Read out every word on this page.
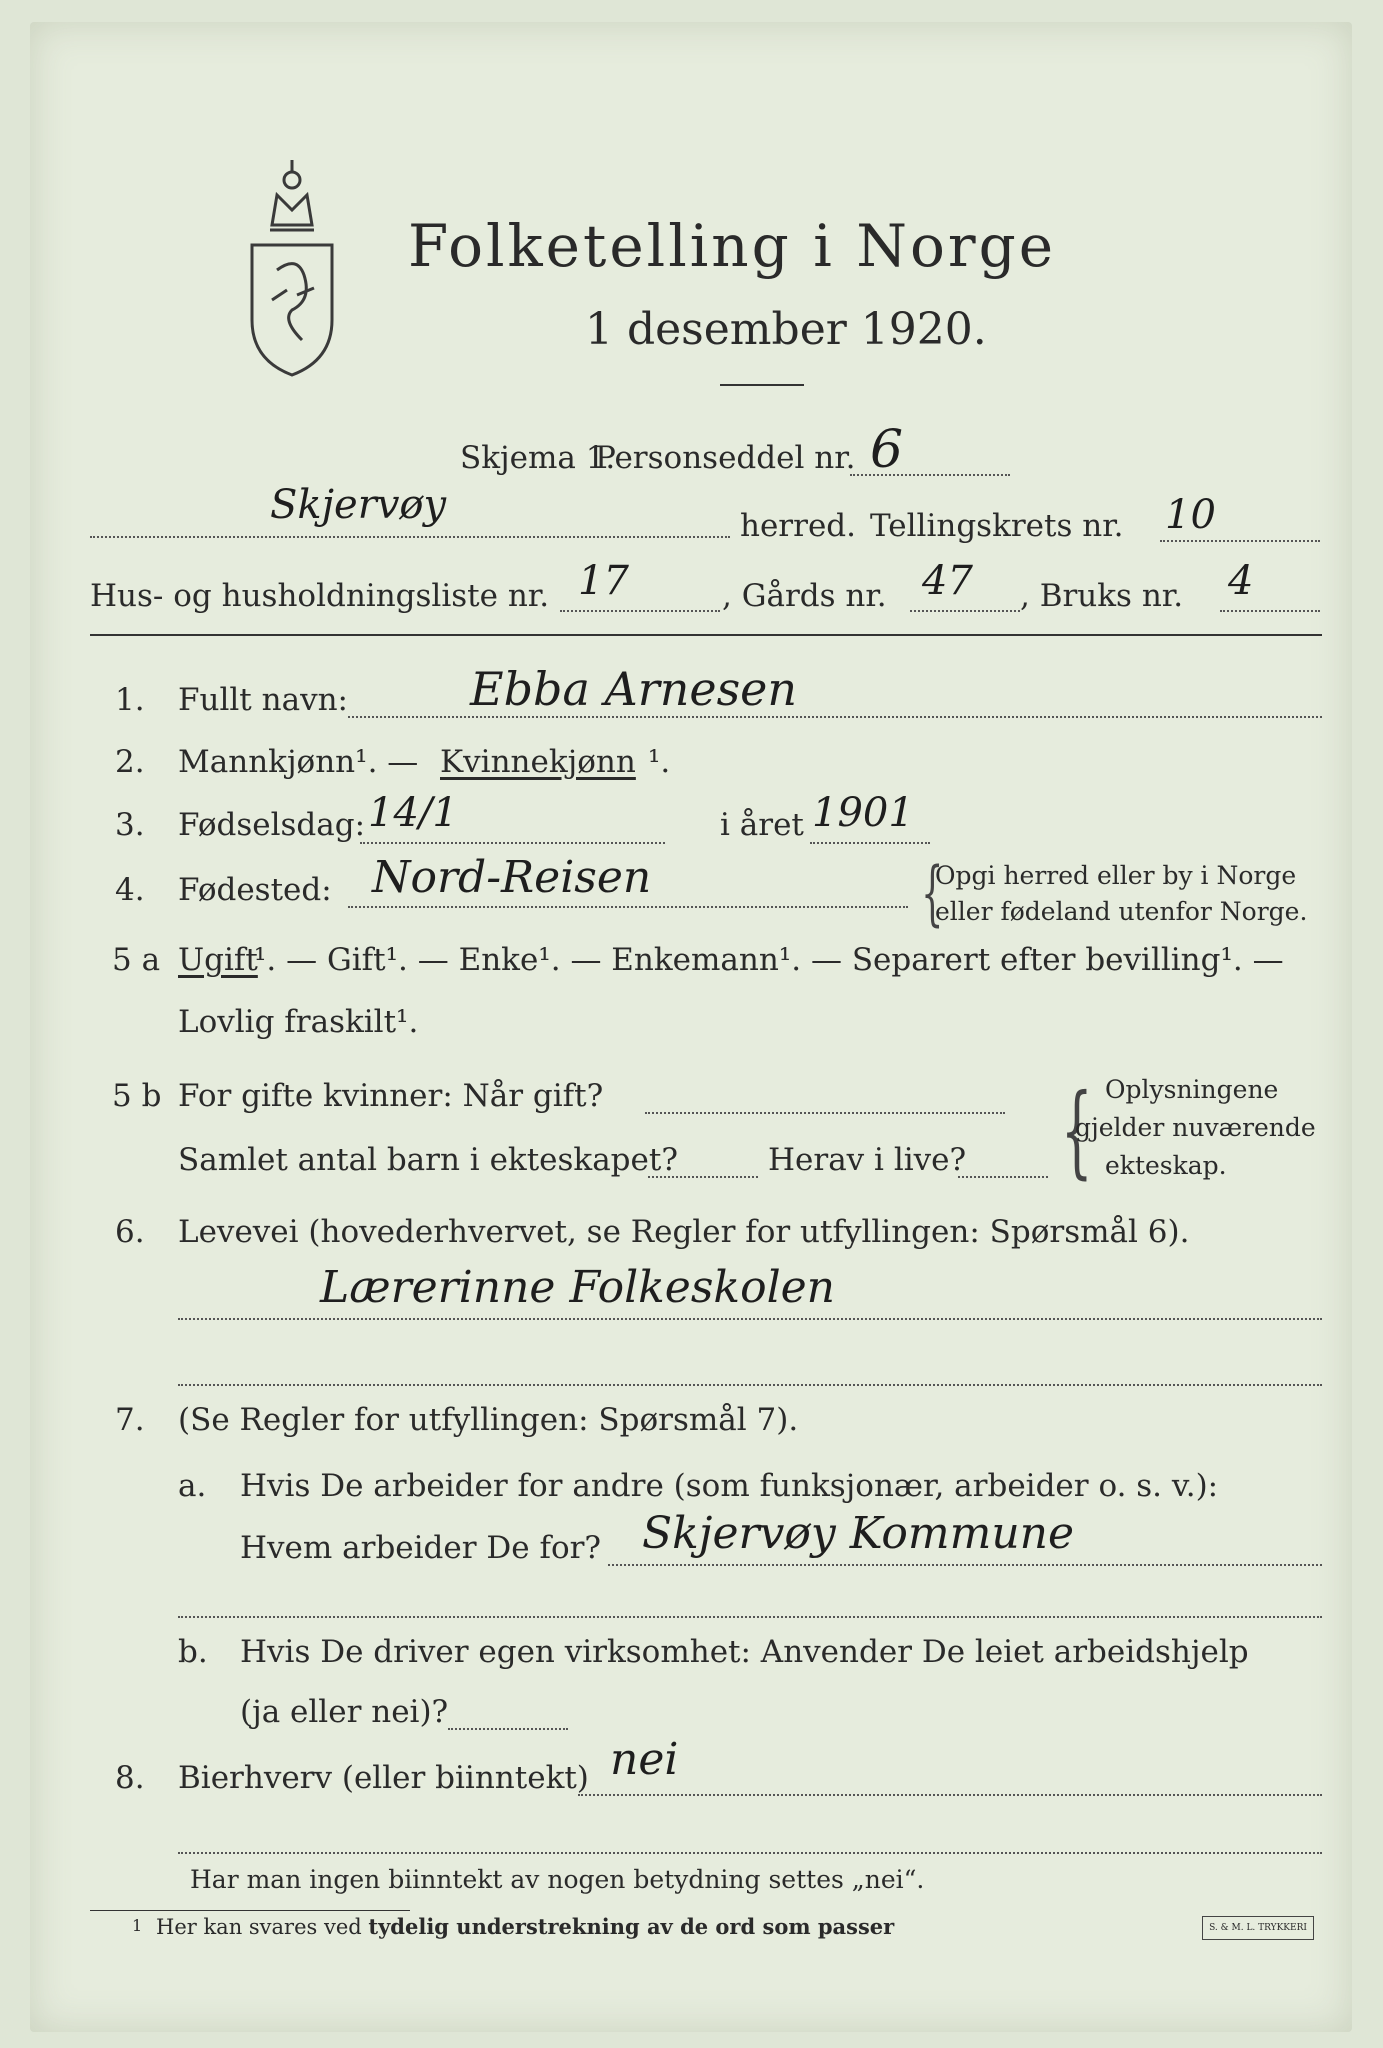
Folketelling i Norge
1 desember 1920.
Skjema 1.
Personseddel nr. 6
Skjervøy	herred. Tellingskrets nr. 10
Hus- og husholdningsliste nr. 17	, Gårds nr. 47 , Bruks nr. 4
1. Fullt navn:	Ebba Arnesen
2. Mannkjønn¹. — Kvinnekjønn ¹.
3. Fødselsdag: 14/1	i året 1901
4. Fødested: Nord-Reisen	{
Opgi herred eller by i Norge
eller fødeland utenfor Norge.
5 a Ugift
¹. — Gift¹. — Enke¹. — Enkemann¹. — Separert efter bevilling¹. —
Lovlig fraskilt¹.
5 b For gifte kvinner: Når gift?
Samlet antal barn i ekteskapet?	Herav i live? { Oplysningene
gjelder nuværende
ekteskap.
6. Levevei (hovederhvervet, se Regler for utfyllingen: Spørsmål 6).
Lærerinne Folkeskolen
7. (Se Regler for utfyllingen: Spørsmål 7).
a. Hvis De arbeider for andre (som funksjonær, arbeider o. s. v.):
Hvem arbeider De for? Skjervøy Kommune
b. Hvis De driver egen virksomhet: Anvender De leiet arbeidshjelp
(ja eller nei)?
8. Bierhverv (eller biinntekt) nei
Har man ingen biinntekt av nogen betydning settes „nei“.
1 Her kan svares ved tydelig understrekning av de ord som passer	S. & M. L. TRYKKERI
